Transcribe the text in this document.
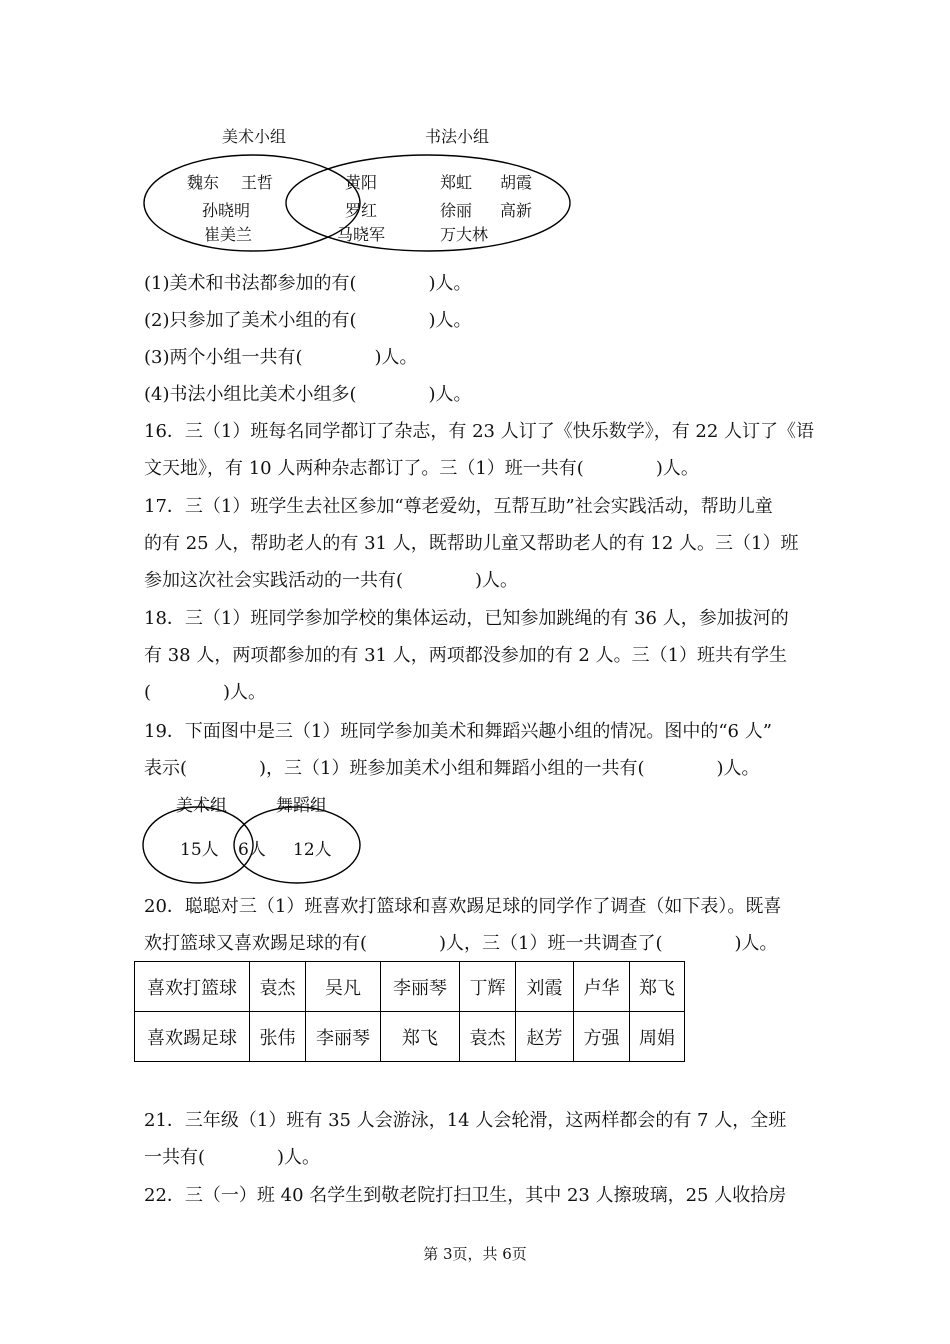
美术小组	书法小组
魏东 王哲
孙晓明
崔美兰
黄阳
罗红
马晓军
郑虹 胡霞
徐丽 高新
万大林
(1)美术和书法都参加的有(　　　　)人。
(2)只参加了美术小组的有(　　　　)人。
(3)两个小组一共有(　　　　)人。
(4)书法小组比美术小组多(　　　　)人。
16．三（1）班每名同学都订了杂志，有 23 人订了《快乐数学》，有 22 人订了《语
文天地》，有 10 人两种杂志都订了。三（1）班一共有(　　　　)人。
17．三（1）班学生去社区参加“尊老爱幼，互帮互助”社会实践活动，帮助儿童
的有 25 人，帮助老人的有 31 人，既帮助儿童又帮助老人的有 12 人。三（1）班
参加这次社会实践活动的一共有(　　　　)人。
18．三（1）班同学参加学校的集体运动，已知参加跳绳的有 36 人，参加拔河的
有 38 人，两项都参加的有 31 人，两项都没参加的有 2 人。三（1）班共有学生
(　　　　)人。
19．下面图中是三（1）班同学参加美术和舞蹈兴趣小组的情况。图中的“6 人”
表示(　　　　)，三（1）班参加美术小组和舞蹈小组的一共有(　　　　)人。
美术组	舞蹈组
15人 6人 12人
20．聪聪对三（1）班喜欢打篮球和喜欢踢足球的同学作了调查（如下表）。既喜
欢打篮球又喜欢踢足球的有(　　　　)人，三（1）班一共调查了(　　　　)人。
喜欢打篮球	袁杰	吴凡	李丽琴	丁辉	刘霞	卢华	郑飞
喜欢踢足球	张伟	李丽琴	郑飞	袁杰	赵芳	方强	周娟
21．三年级（1）班有 35 人会游泳，14 人会轮滑，这两样都会的有 7 人，全班
一共有(　　　　)人。
22．三（一）班 40 名学生到敬老院打扫卫生，其中 23 人擦玻璃，25 人收拾房
第 3页，共 6页
